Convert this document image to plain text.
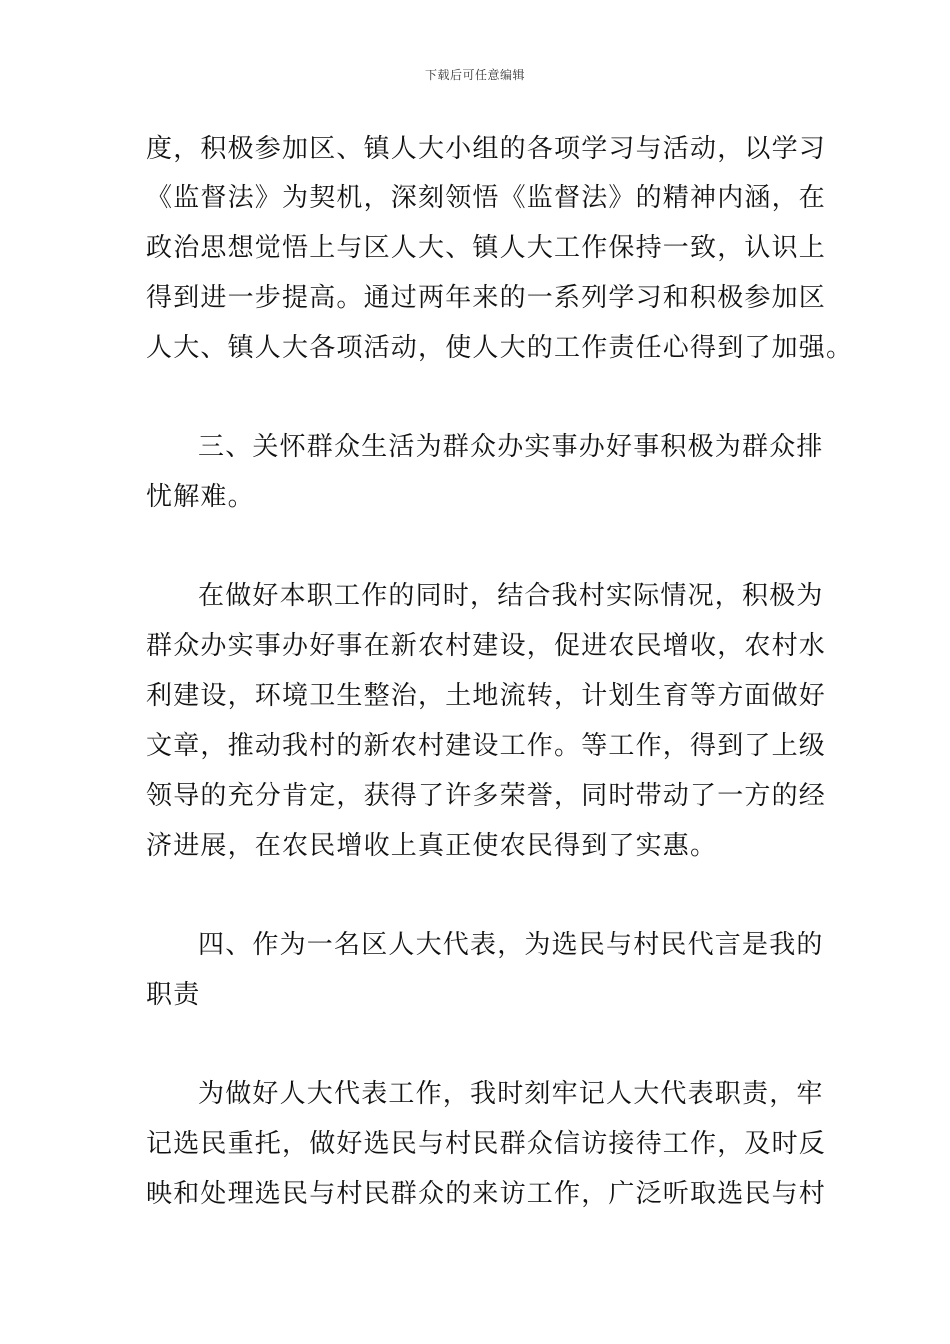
下载后可任意编辑
度，积极参加区、镇人大小组的各项学习与活动，以学习
《监督法》为契机，深刻领悟《监督法》的精神内涵，在
政治思想觉悟上与区人大、镇人大工作保持一致，认识上
得到进一步提高。通过两年来的一系列学习和积极参加区
人大、镇人大各项活动，使人大的工作责任心得到了加强。
三、关怀群众生活为群众办实事办好事积极为群众排
忧解难。
在做好本职工作的同时，结合我村实际情况，积极为
群众办实事办好事在新农村建设，促进农民增收，农村水
利建设，环境卫生整治，土地流转，计划生育等方面做好
文章，推动我村的新农村建设工作。等工作，得到了上级
领导的充分肯定，获得了许多荣誉，同时带动了一方的经
济进展，在农民增收上真正使农民得到了实惠。
四、作为一名区人大代表，为选民与村民代言是我的
职责
为做好人大代表工作，我时刻牢记人大代表职责，牢
记选民重托，做好选民与村民群众信访接待工作，及时反
映和处理选民与村民群众的来访工作，广泛听取选民与村
